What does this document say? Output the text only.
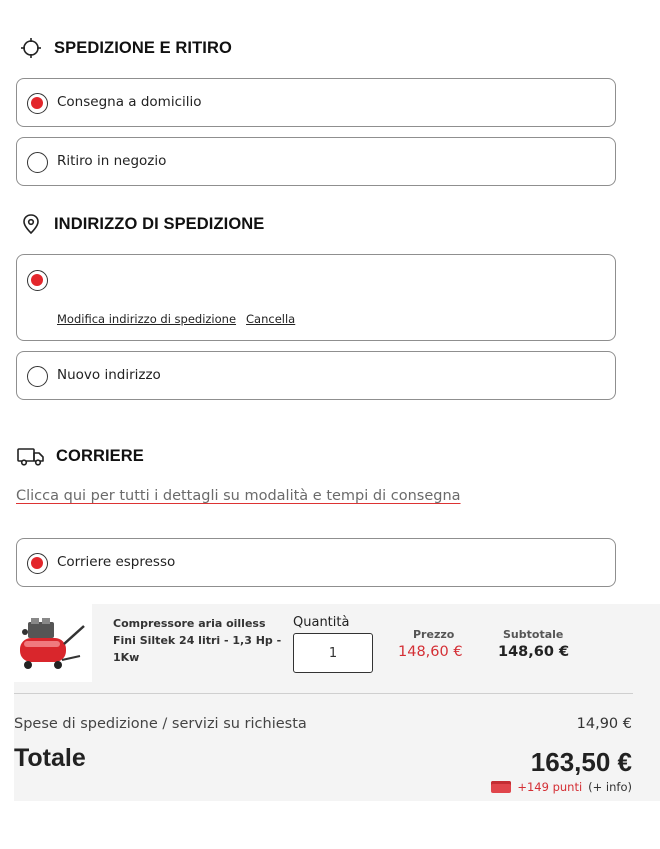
SPEDIZIONE E RITIRO
Consegna a domicilio
Ritiro in negozio
INDIRIZZO DI SPEDIZIONE
Modifica indirizzo di spedizione Cancella
Nuovo indirizzo
CORRIERE
Clicca qui per tutti i dettagli su modalità e tempi di consegna
Corriere espresso
Compressore aria oilless Fini Siltek 24 litri - 1,3 Hp - 1Kw
Quantità
1
Prezzo
148,60 €
Subtotale
148,60 €
Spese di spedizione / servizi su richiesta	14,90 €
Totale	163,50 €
+149 punti (+ info)
